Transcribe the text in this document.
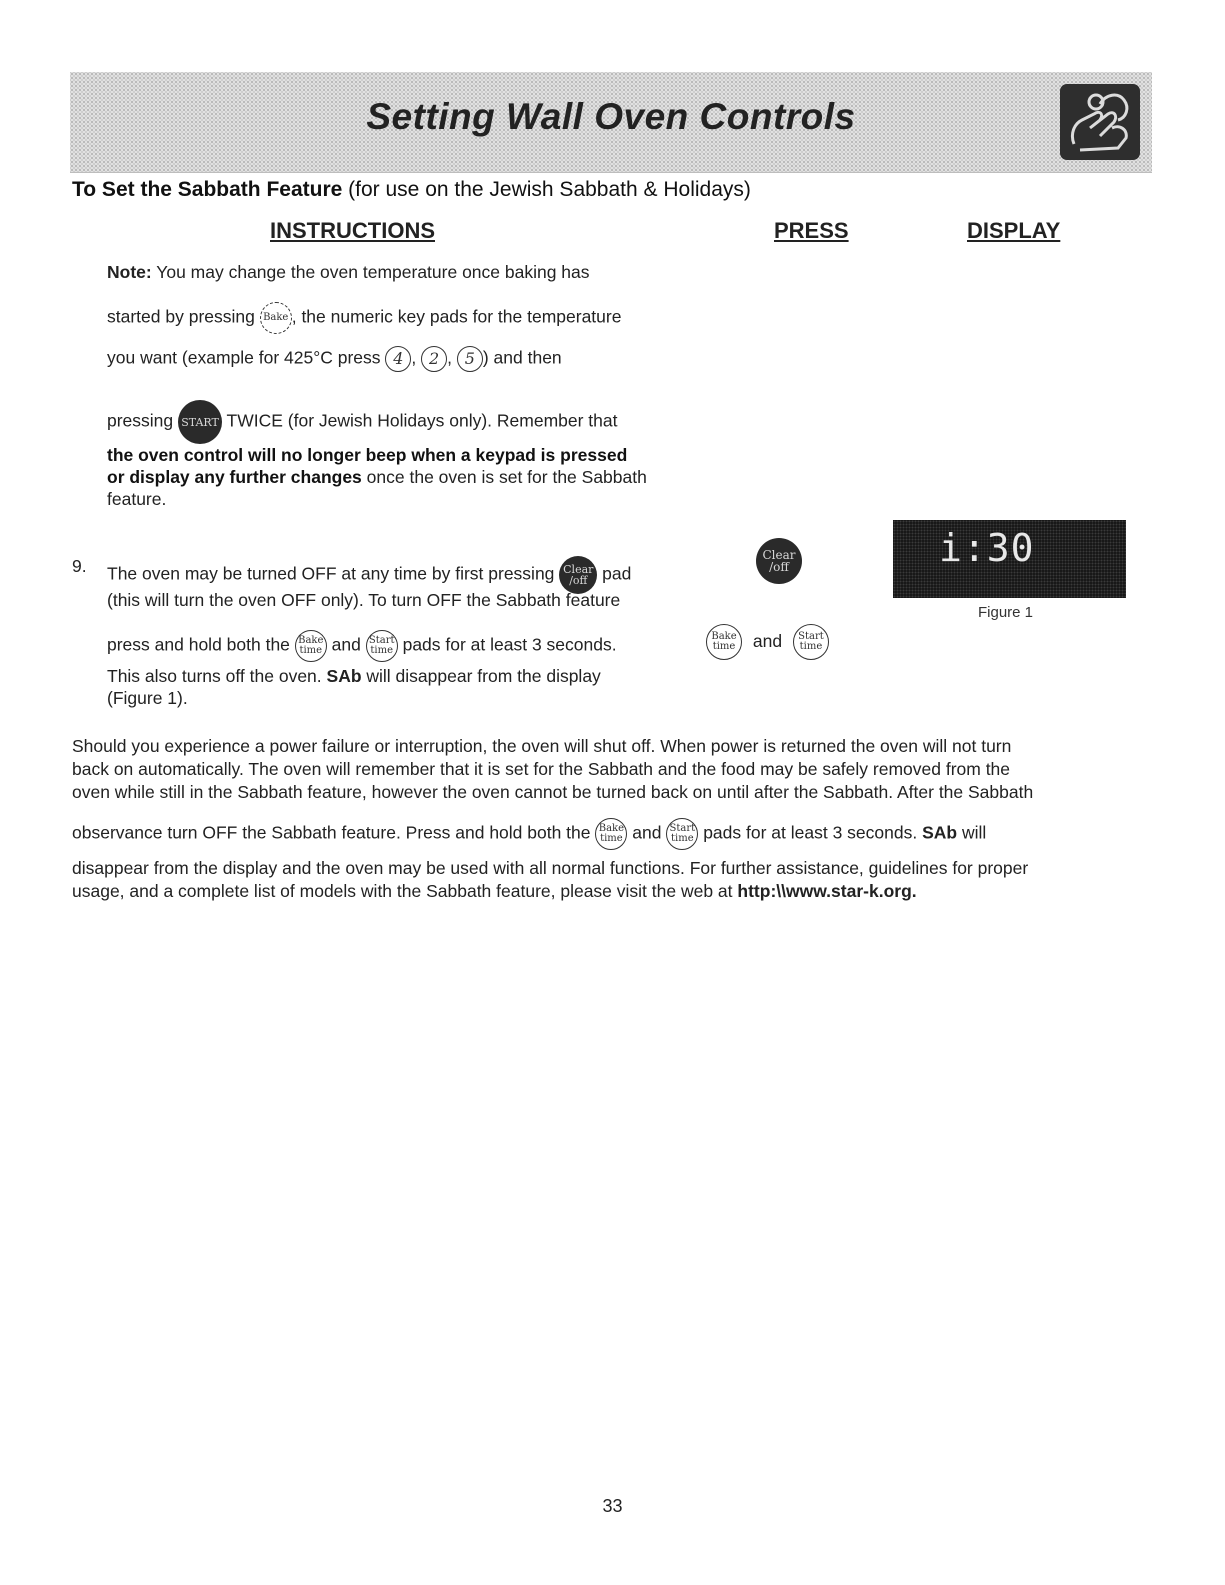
Setting Wall Oven Controls
To Set the Sabbath Feature (for use on the Jewish Sabbath & Holidays)
INSTRUCTIONS	PRESS	DISPLAY
Note: You may change the oven temperature once baking has
started by pressing Bake , the numeric key pads for the temperature
you want (example for 425°C press 4 , 2 , 5 ) and then
pressing START TWICE (for Jewish Holidays only). Remember that
the oven control will no longer beep when a keypad is pressed
or display any further changes once the oven is set for the Sabbath
feature.
9. The oven may be turned OFF at any time by first pressing Clear
/off pad
(this will turn the oven OFF only). To turn OFF the Sabbath feature
press and hold both the Bake
time and Start
time pads for at least 3 seconds.
This also turns off the oven. SAb will disappear from the display
(Figure 1).
Clear
/off
Bake
time and Start
time
i:30
Figure 1
Should you experience a power failure or interruption, the oven will shut off. When power is returned the oven will not turn
back on automatically. The oven will remember that it is set for the Sabbath and the food may be safely removed from the
oven while still in the Sabbath feature, however the oven cannot be turned back on until after the Sabbath. After the Sabbath
observance turn OFF the Sabbath feature. Press and hold both the Bake
time and Start
time pads for at least 3 seconds. SAb will
disappear from the display and the oven may be used with all normal functions. For further assistance, guidelines for proper
usage, and a complete list of models with the Sabbath feature, please visit the web at http:\\www.star-k.org.
33
